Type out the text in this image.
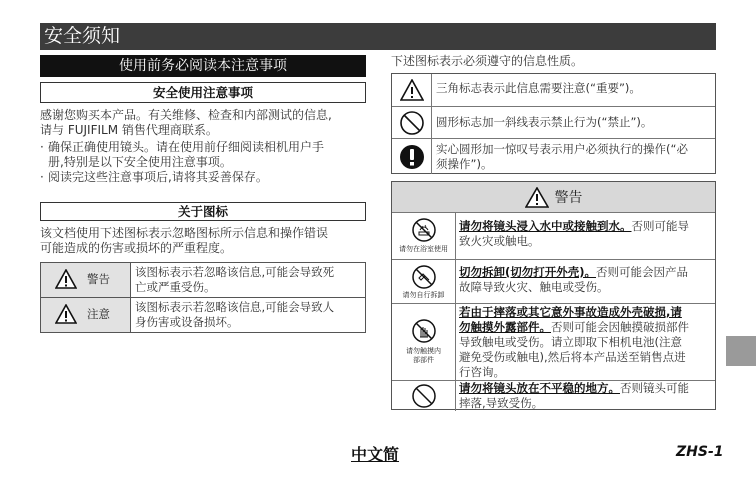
安全须知
使用前务必阅读本注意事项
安全使用注意事项
感谢您购买本产品。有关维修、检查和内部测试的信息,
请与 FUJIFILM 销售代理商联系。
· 确保正确使用镜头。请在使用前仔细阅读相机用户手
册,特别是以下安全使用注意事项。
· 阅读完这些注意事项后,请将其妥善保存。
关于图标
该文档使用下述图标表示忽略图标所示信息和操作错误
可能造成的伤害或损坏的严重程度。
警告	该图标表示若忽略该信息,可能会导致死
亡或严重受伤。

注意	该图标表示若忽略该信息,可能会导致人
身伤害或设备损坏。
下述图标表示必须遵守的信息性质。
三角标志表示此信息需要注意(“重要”)。
圆形标志加一斜线表示禁止行为(“禁止”)。
实心圆形加一惊叹号表示用户必须执行的操作(“必
须操作”)。
警告
请勿在浴室使用
请勿将镜头浸入水中或接触到水。否则可能导
致火灾或触电。
请勿自行拆卸
切勿拆卸(切勿打开外壳)。否则可能会因产品
故障导致火灾、触电或受伤。
请勿触摸内
部部件
若由于摔落或其它意外事故造成外壳破损,请
勿触摸外露部件。否则可能会因触摸破损部件
导致触电或受伤。请立即取下相机电池(注意
避免受伤或触电),然后将本产品送至销售点进
行咨询。
请勿将镜头放在不平稳的地方。否则镜头可能
摔落,导致受伤。
中文简	ZHS-1
